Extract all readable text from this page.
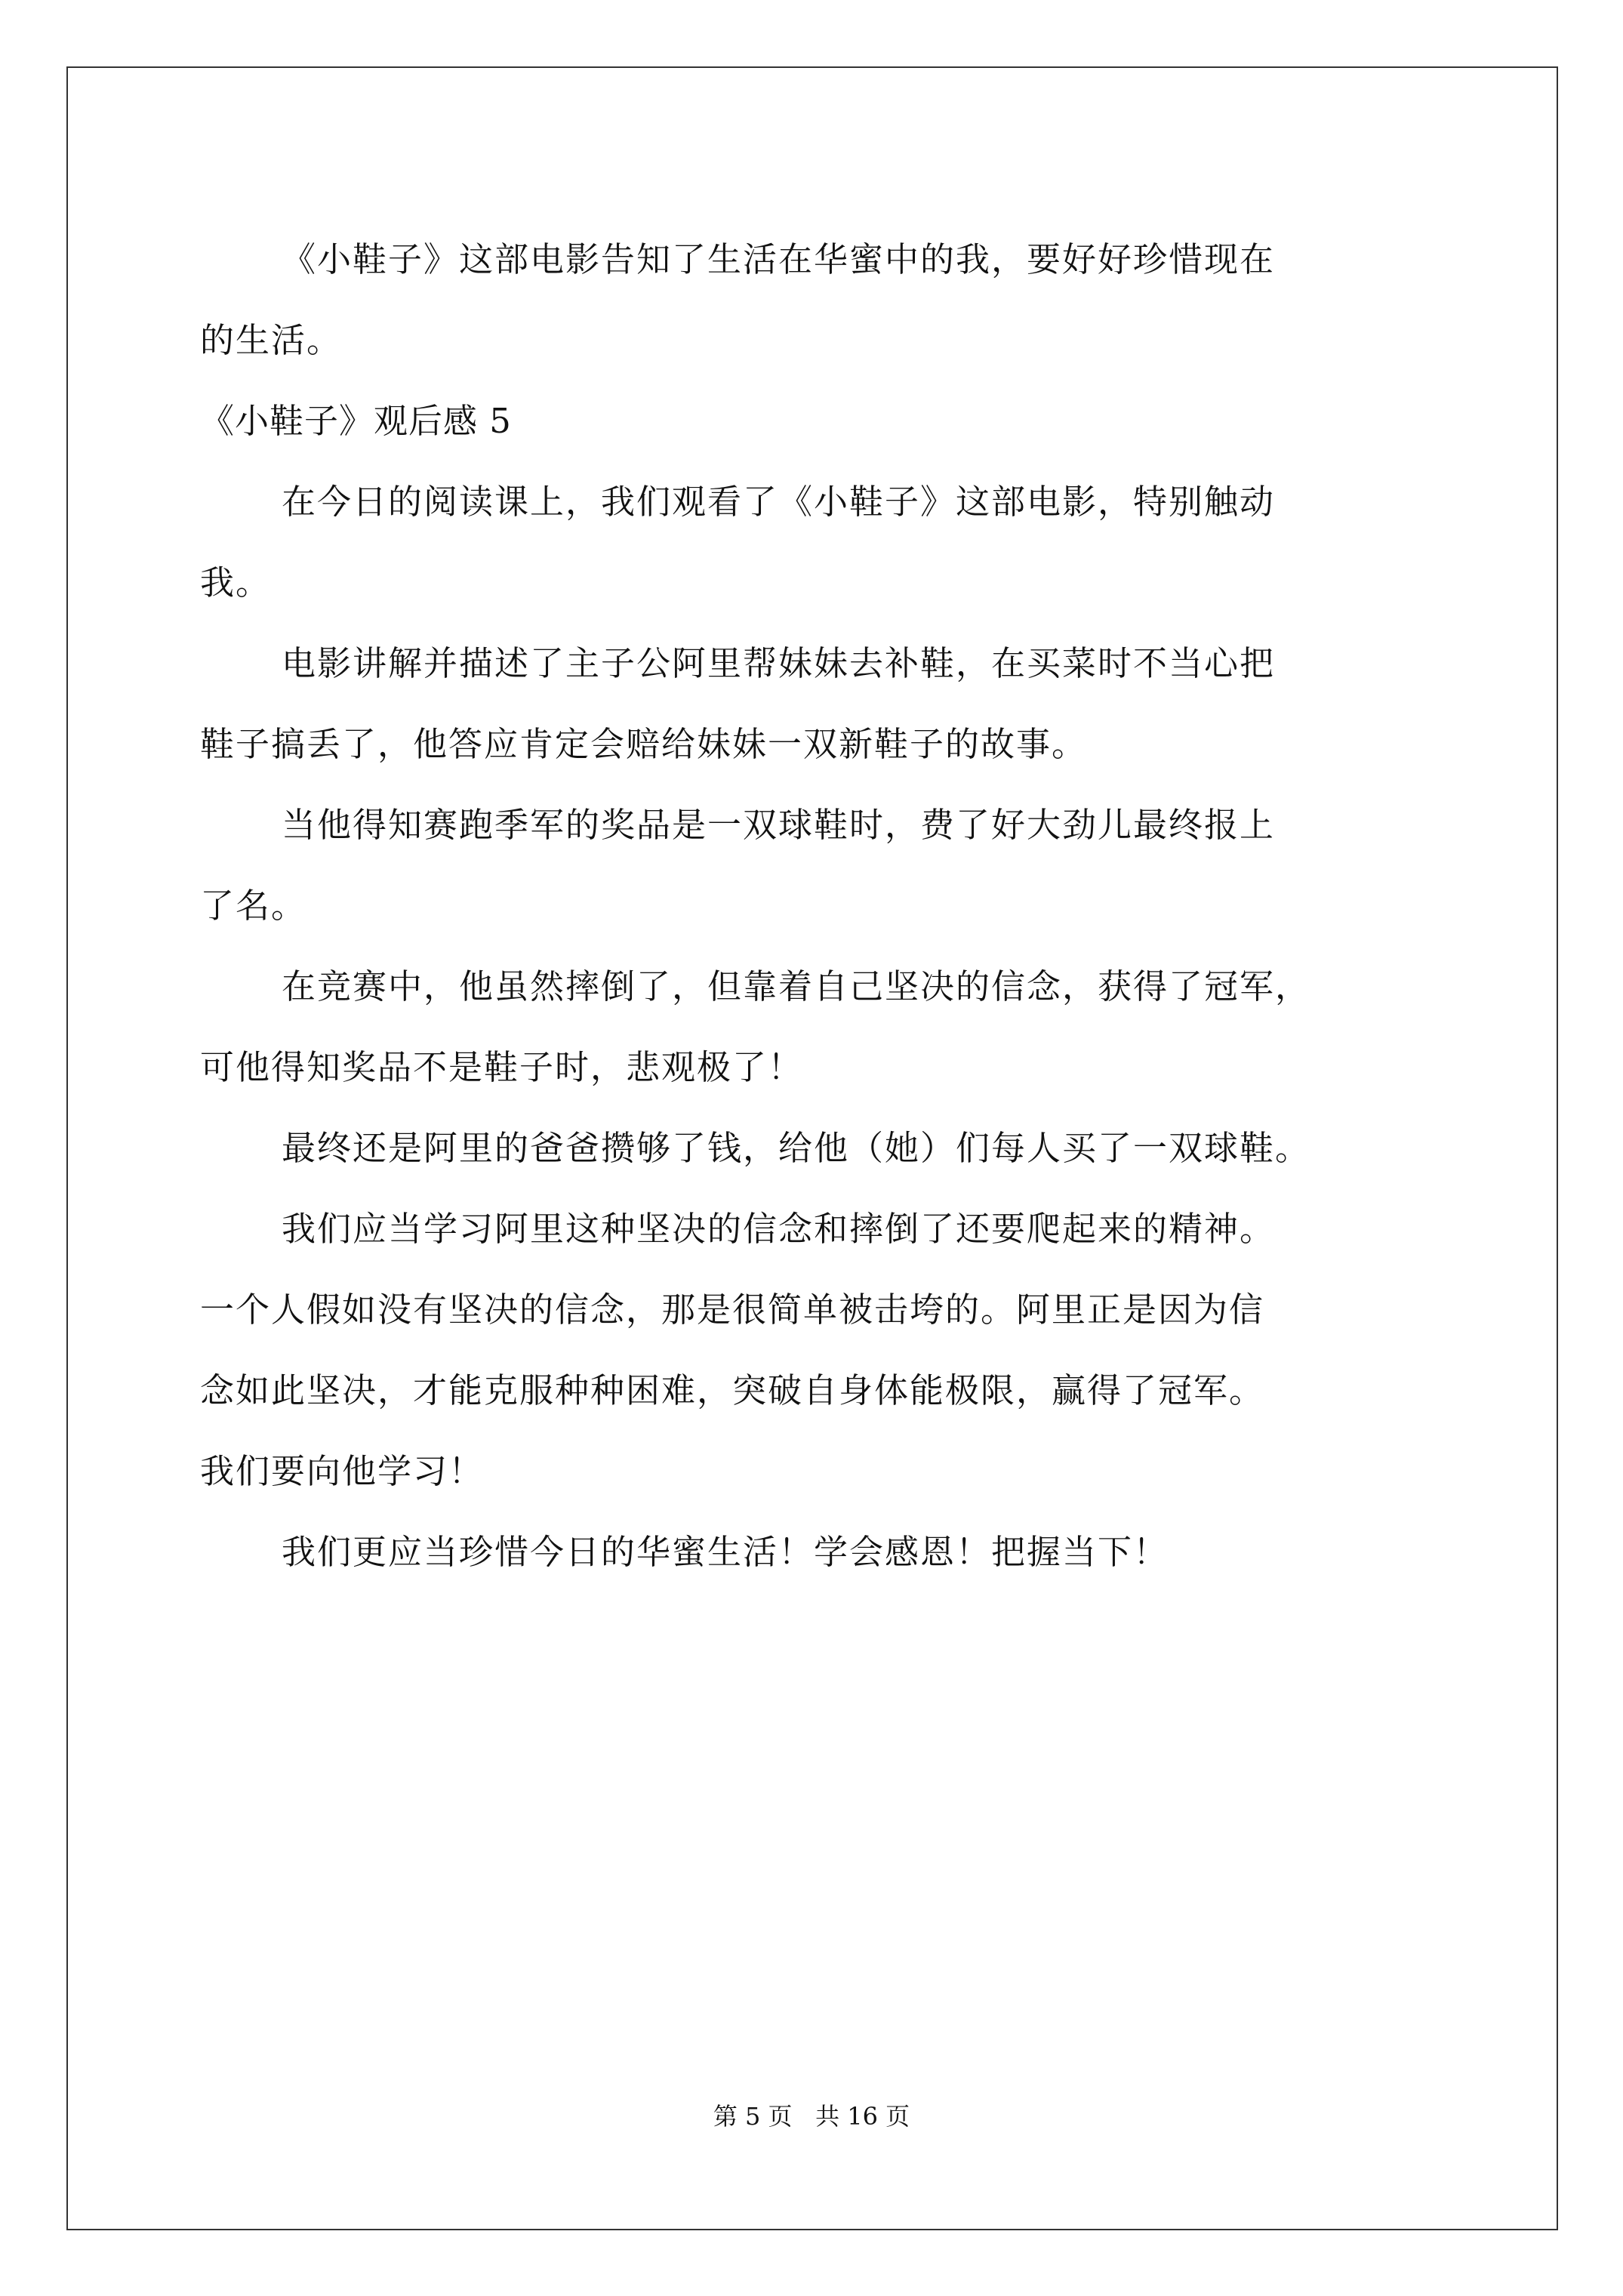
《小鞋子》这部电影告知了生活在华蜜中的我，要好好珍惜现在
的生活。
《小鞋子》观后感 5
在今日的阅读课上，我们观看了《小鞋子》这部电影，特别触动
我。
电影讲解并描述了主子公阿里帮妹妹去补鞋，在买菜时不当心把
鞋子搞丢了，他答应肯定会赔给妹妹一双新鞋子的故事。
当他得知赛跑季军的奖品是一双球鞋时，费了好大劲儿最终报上
了名。
在竞赛中，他虽然摔倒了，但靠着自己坚决的信念，获得了冠军，
可他得知奖品不是鞋子时，悲观极了！
最终还是阿里的爸爸攒够了钱，给他（她）们每人买了一双球鞋。
我们应当学习阿里这种坚决的信念和摔倒了还要爬起来的精神。
一个人假如没有坚决的信念，那是很简单被击垮的。阿里正是因为信
念如此坚决，才能克服种种困难，突破自身体能极限，赢得了冠军。
我们要向他学习！
我们更应当珍惜今日的华蜜生活！学会感恩！把握当下！
第 5 页   共 16 页
